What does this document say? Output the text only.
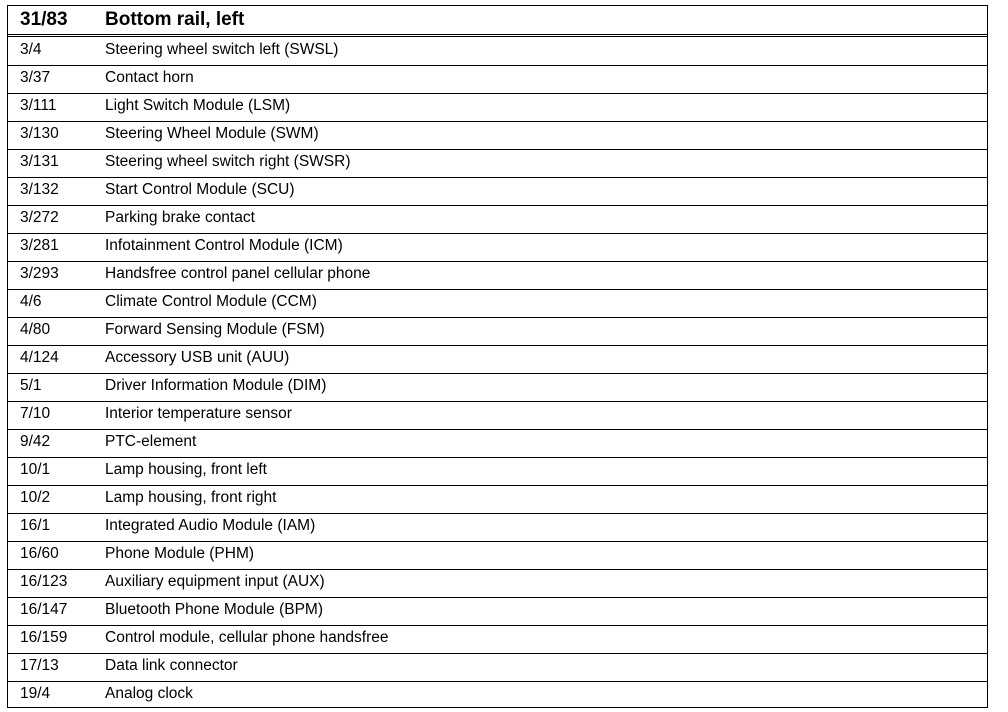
31/83 Bottom rail, left
3/4	Steering wheel switch left (SWSL)
3/37	Contact horn
3/111	Light Switch Module (LSM)
3/130	Steering Wheel Module (SWM)
3/131	Steering wheel switch right (SWSR)
3/132	Start Control Module (SCU)
3/272	Parking brake contact
3/281	Infotainment Control Module (ICM)
3/293	Handsfree control panel cellular phone
4/6	Climate Control Module (CCM)
4/80	Forward Sensing Module (FSM)
4/124	Accessory USB unit (AUU)
5/1	Driver Information Module (DIM)
7/10	Interior temperature sensor
9/42	PTC-element
10/1	Lamp housing, front left
10/2	Lamp housing, front right
16/1	Integrated Audio Module (IAM)
16/60	Phone Module (PHM)
16/123 Auxiliary equipment input (AUX)
16/147 Bluetooth Phone Module (BPM)
16/159 Control module, cellular phone handsfree
17/13	Data link connector
19/4	Analog clock
